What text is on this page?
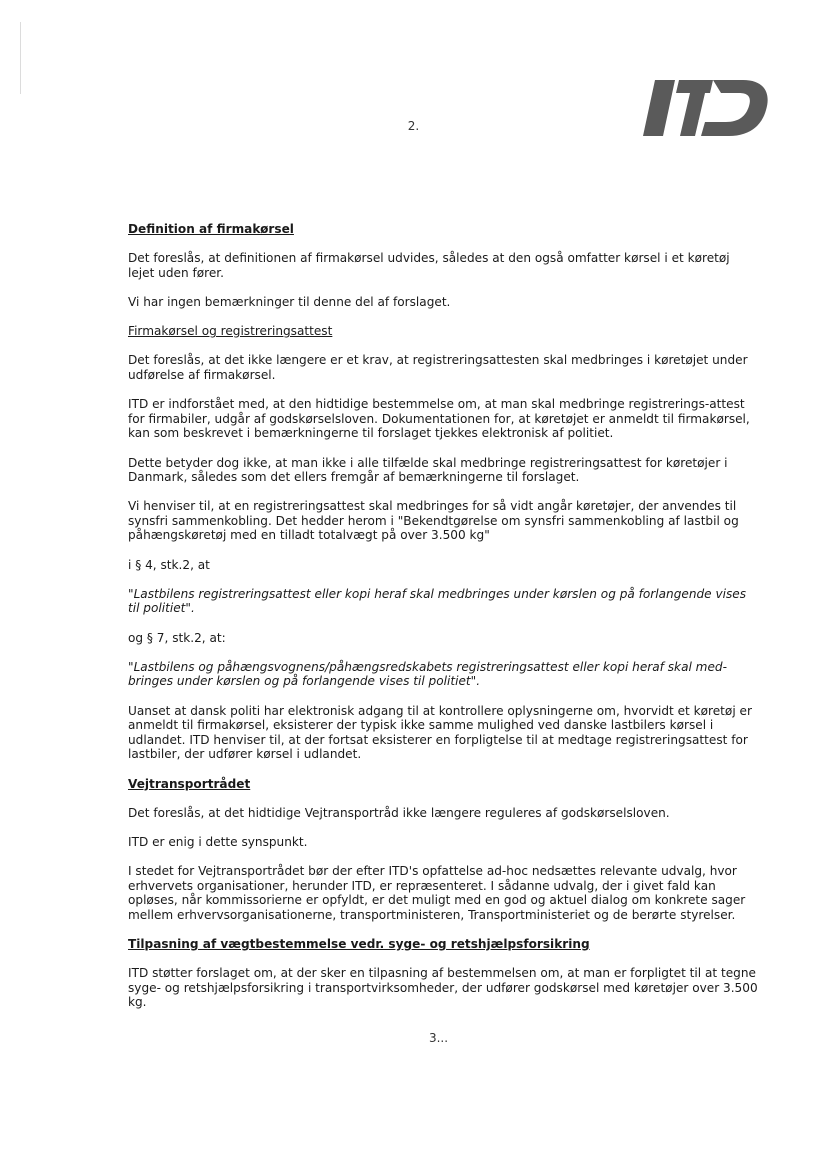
2.

Definition af firmakørsel

Det foreslås, at definitionen af firmakørsel udvides, således at den også omfatter kørsel i et køretøj lejet uden fører.

Vi har ingen bemærkninger til denne del af forslaget.

Firmakørsel og registreringsattest

Det foreslås, at det ikke længere er et krav, at registreringsattesten skal medbringes i køretøjet under udførelse af firmakørsel.

ITD er indforstået med, at den hidtidige bestemmelse om, at man skal medbringe registrerings-attest for firmabiler, udgår af godskørselsloven. Dokumentationen for, at køretøjet er anmeldt til firmakørsel, kan som beskrevet i bemærkningerne til forslaget tjekkes elektronisk af politiet.

Dette betyder dog ikke, at man ikke i alle tilfælde skal medbringe registreringsattest for køretøjer i Danmark, således som det ellers fremgår af bemærkningerne til forslaget.

Vi henviser til, at en registreringsattest skal medbringes for så vidt angår køretøjer, der anvendes til synsfri sammenkobling. Det hedder herom i "Bekendtgørelse om synsfri sammenkobling af lastbil og påhængskøretøj med en tilladt totalvægt på over 3.500 kg"

i § 4, stk.2, at

"Lastbilens registreringsattest eller kopi heraf skal medbringes under kørslen og på forlangende vises til politiet".

og § 7, stk.2, at:

"Lastbilens og påhængsvognens/påhængsredskabets registreringsattest eller kopi heraf skal med-bringes under kørslen og på forlangende vises til politiet".

Uanset at dansk politi har elektronisk adgang til at kontrollere oplysningerne om, hvorvidt et køretøj er anmeldt til firmakørsel, eksisterer der typisk ikke samme mulighed ved danske lastbilers kørsel i udlandet. ITD henviser til, at der fortsat eksisterer en forpligtelse til at medtage registreringsattest for lastbiler, der udfører kørsel i udlandet.

Vejtransportrådet

Det foreslås, at det hidtidige Vejtransportråd ikke længere reguleres af godskørselsloven.

ITD er enig i dette synspunkt.

I stedet for Vejtransportrådet bør der efter ITD's opfattelse ad-hoc nedsættes relevante udvalg, hvor erhvervets organisationer, herunder ITD, er repræsenteret. I sådanne udvalg, der i givet fald kan opløses, når kommissorierne er opfyldt, er det muligt med en god og aktuel dialog om konkrete sager mellem erhvervsorganisationerne, transportministeren, Transportministeriet og de berørte styrelser.

Tilpasning af vægtbestemmelse vedr. syge- og retshjælpsforsikring

ITD støtter forslaget om, at der sker en tilpasning af bestemmelsen om, at man er forpligtet til at tegne syge- og retshjælpsforsikring i transportvirksomheder, der udfører godskørsel med køretøjer over 3.500 kg.

3...
